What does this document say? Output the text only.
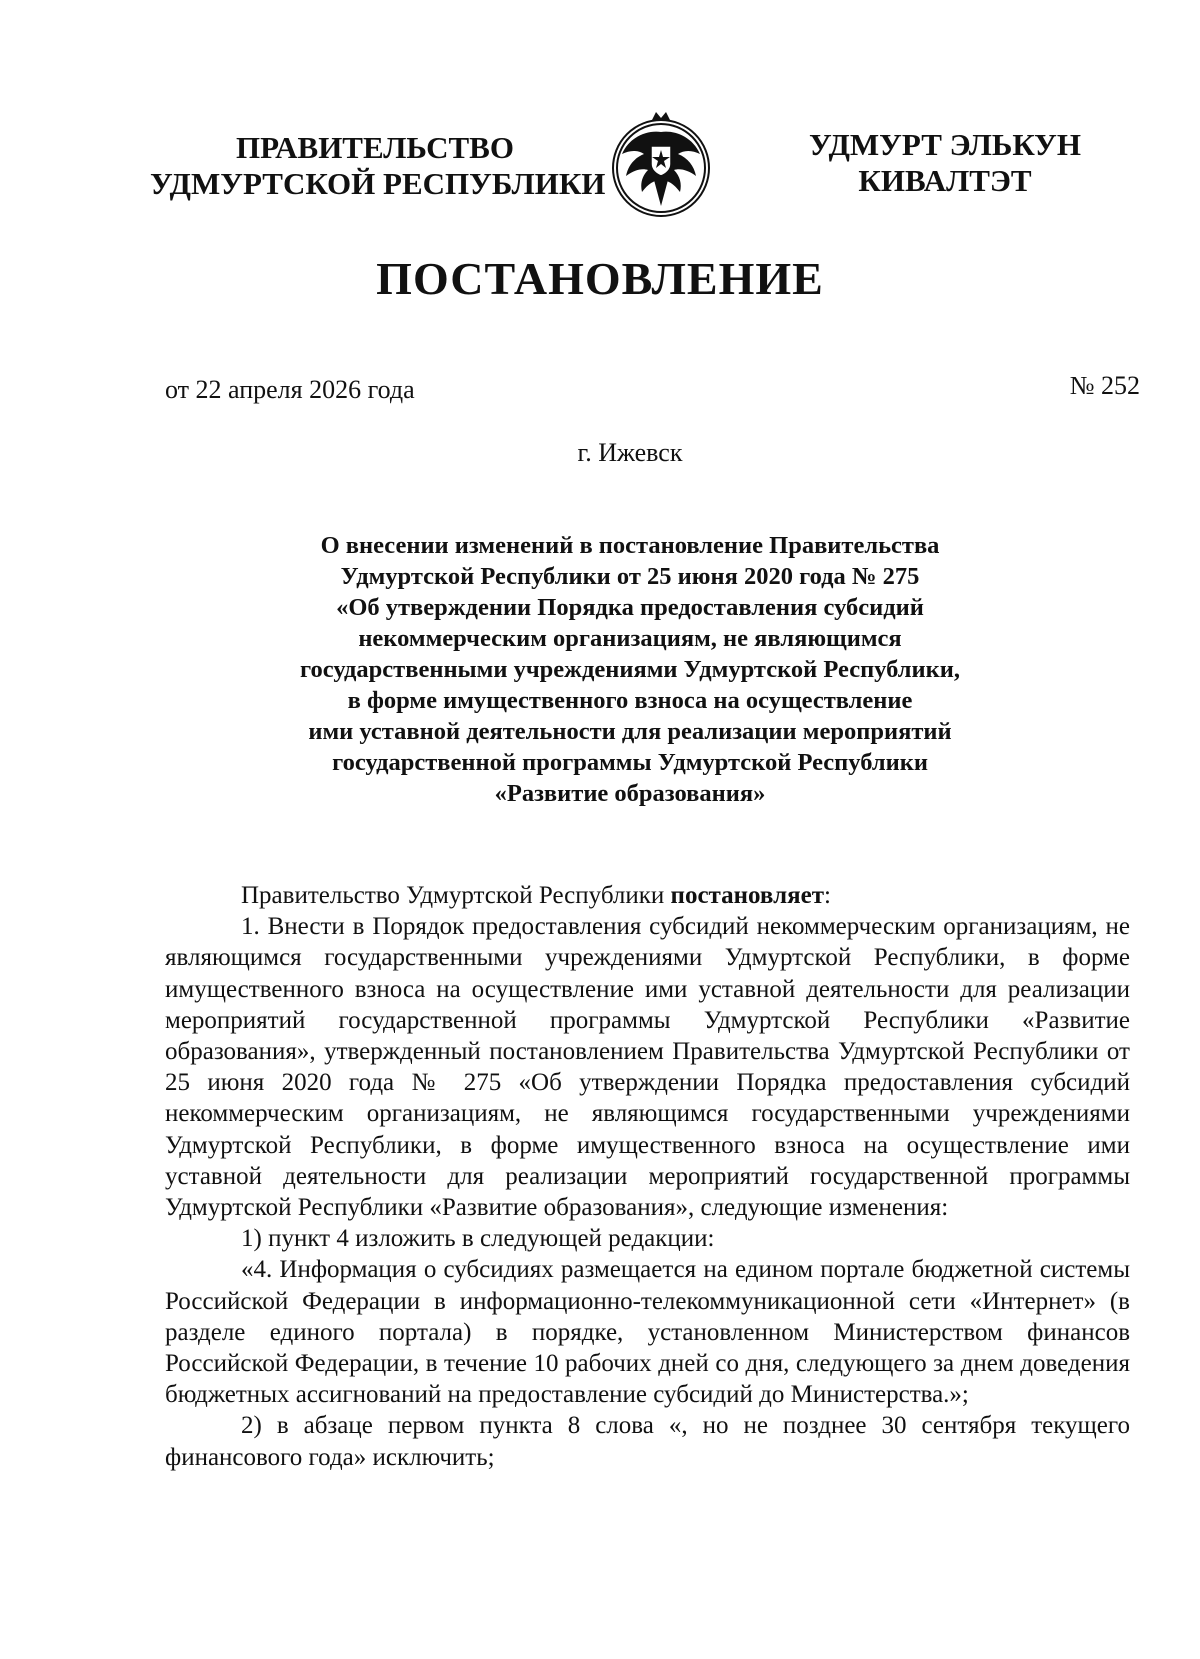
ПРАВИТЕЛЬСТВО
УДМУРТСКОЙ РЕСПУБЛИКИ
УДМУРТ ЭЛЬКУН
КИВАЛТЭТ
ПОСТАНОВЛЕНИЕ
от 22 апреля 2026 года	№ 252
г. Ижевск
О внесении изменений в постановление Правительства
Удмуртской Республики от 25 июня 2020 года № 275
«Об утверждении Порядка предоставления субсидий
некоммерческим организациям, не являющимся
государственными учреждениями Удмуртской Республики,
в форме имущественного взноса на осуществление
ими уставной деятельности для реализации мероприятий
государственной программы Удмуртской Республики
«Развитие образования»

Правительство Удмуртской Республики постановляет:

1. Внести в Порядок предоставления субсидий некоммерческим организациям, не являющимся государственными учреждениями Удмуртской Республики, в форме имущественного взноса на осуществление ими уставной деятельности для реализации мероприятий государственной программы Удмуртской Республики «Развитие образования», утвержденный постановлением Правительства Удмуртской Республики от 25 июня 2020 года № 275 «Об утверждении Порядка предоставления субсидий некоммерческим организациям, не являющимся государственными учреждениями Удмуртской Республики, в форме имущественного взноса на осуществление ими уставной деятельности для реализации мероприятий государственной программы Удмуртской Республики «Развитие образования», следующие изменения:

1) пункт 4 изложить в следующей редакции:

«4. Информация о субсидиях размещается на едином портале бюджетной системы Российской Федерации в информационно-телекоммуникационной сети «Интернет» (в разделе единого портала) в порядке, установленном Министерством финансов Российской Федерации, в течение 10 рабочих дней со дня, следующего за днем доведения бюджетных ассигнований на предоставление субсидий до Министерства.»;

2) в абзаце первом пункта 8 слова «, но не позднее 30 сентября текущего финансового года» исключить;
